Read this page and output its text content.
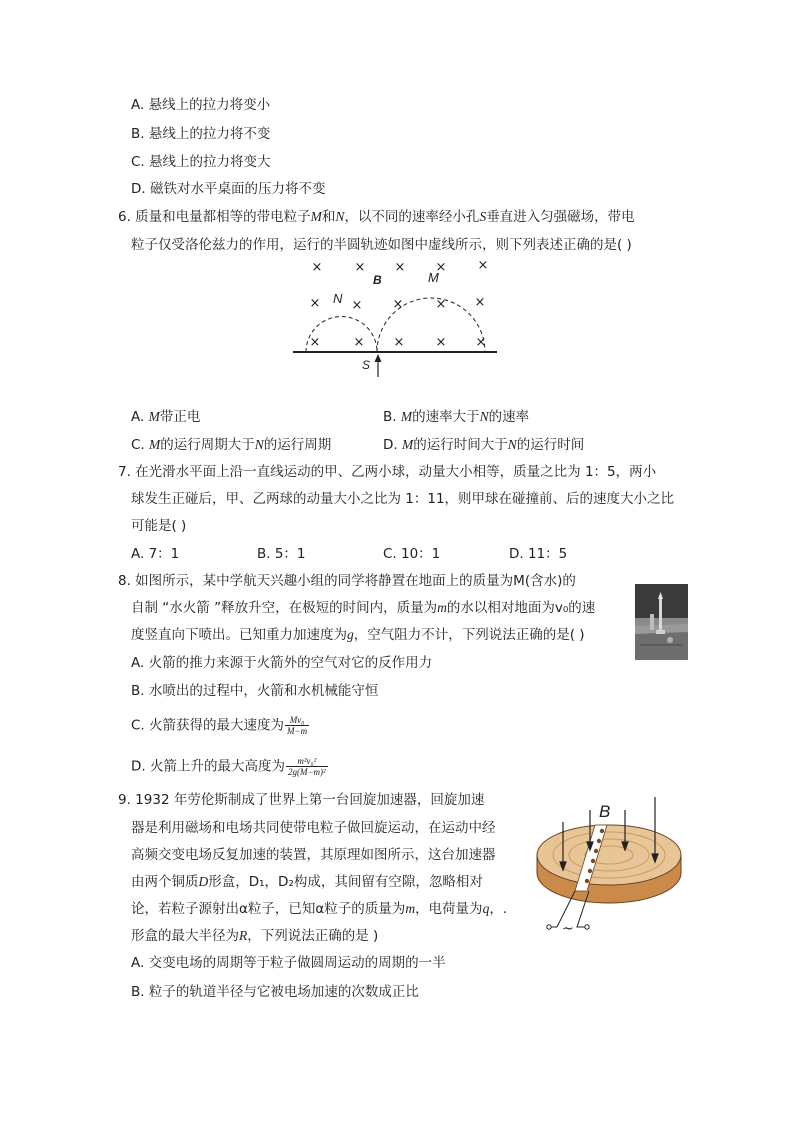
A. 悬线上的拉力将变小
B. 悬线上的拉力将不变
C. 悬线上的拉力将变大
D. 磁铁对水平桌面的压力将不变
6. 质量和电量都相等的带电粒子M和N，以不同的速率经小孔S垂直进入匀强磁场，带电
粒子仅受洛伦兹力的作用，运行的半圆轨迹如图中虚线所示，则下列表述正确的是( )
× × × × ×
× × × × ×
×	× × × ×
B	M
N
S
A. M带正电	B. M的速率大于N的速率
C. M的运行周期大于N的运行周期	D. M的运行时间大于N的运行时间
7. 在光滑水平面上沿一直线运动的甲、乙两小球，动量大小相等，质量之比为 1：5，两小
球发生正碰后，甲、乙两球的动量大小之比为 1：11，则甲球在碰撞前、后的速度大小之比
可能是( )
A. 7：1	B. 5：1	C. 10：1	D. 11：5
8. 如图所示，某中学航天兴趣小组的同学将静置在地面上的质量为M(含水)的
自制 “水火箭 ”释放升空，在极短的时间内，质量为m的水以相对地面为v₀的速
度竖直向下喷出。已知重力加速度为g，空气阻力不计，下列说法正确的是( )
A. 火箭的推力来源于火箭外的空气对它的反作用力
B. 水喷出的过程中，火箭和水机械能守恒
C. 火箭获得的最大速度为 $\frac{\text{Mv₀}}{M-m}$
D. 火箭上升的最大高度为 $\frac{\text{m²v₀²}}{\text{2g(M−m)²}}$
9. 1932 年劳伦斯制成了世界上第一台回旋加速器，回旋加速
器是利用磁场和电场共同使带电粒子做回旋运动，在运动中经
高频交变电场反复加速的装置，其原理如图所示，这台加速器
由两个铜质D形盒，D₁，D₂构成，其间留有空隙，忽略相对
论，若粒子源射出α粒子，已知α粒子的质量为m，电荷量为q，.
形盒的最大半径为R，下列说法正确的是 )
B
~
A. 交变电场的周期等于粒子做圆周运动的周期的一半
B. 粒子的轨道半径与它被电场加速的次数成正比
